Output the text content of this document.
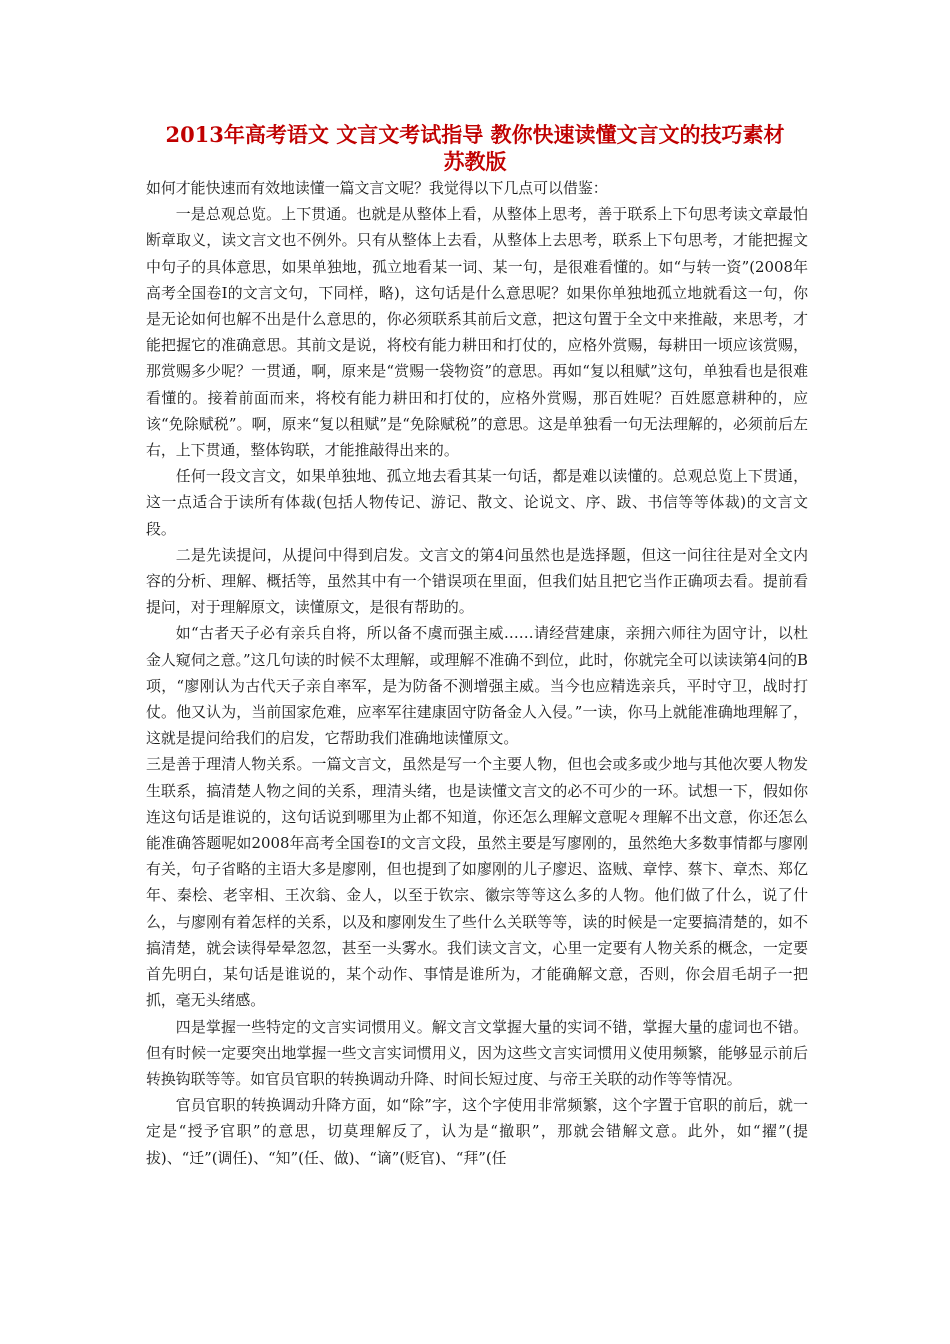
2013年高考语文 文言文考试指导 教你快速读懂文言文的技巧素材
苏教版

如何才能快速而有效地读懂一篇文言文呢？我觉得以下几点可以借鉴：

一是总观总览。上下贯通。也就是从整体上看，从整体上思考，善于联系上下句思考读文章最怕断章取义，读文言文也不例外。只有从整体上去看，从整体上去思考，联系上下句思考，才能把握文中句子的具体意思，如果单独地，孤立地看某一词、某一句，是很难看懂的。如“与转一资”(2008年高考全国卷Ⅰ的文言文句，下同样，略)，这句话是什么意思呢？如果你单独地孤立地就看这一句，你是无论如何也解不出是什么意思的，你必须联系其前后文意，把这句置于全文中来推敲，来思考，才能把握它的准确意思。其前文是说，将校有能力耕田和打仗的，应格外赏赐，每耕田一顷应该赏赐，那赏赐多少呢？一贯通，啊，原来是“赏赐一袋物资”的意思。再如“复以租赋”这句，单独看也是很难看懂的。接着前面而来，将校有能力耕田和打仗的，应格外赏赐，那百姓呢？百姓愿意耕种的，应该“免除赋税”。啊，原来“复以租赋”是“免除赋税”的意思。这是单独看一句无法理解的，必须前后左右，上下贯通，整体钩联，才能推敲得出来的。

任何一段文言文，如果单独地、孤立地去看其某一句话，都是难以读懂的。总观总览上下贯通，这一点适合于读所有体裁(包括人物传记、游记、散文、论说文、序、跋、书信等等体裁)的文言文段。

二是先读提问，从提问中得到启发。文言文的第4问虽然也是选择题，但这一问往往是对全文内容的分析、理解、概括等，虽然其中有一个错误项在里面，但我们姑且把它当作正确项去看。提前看提问，对于理解原文，读懂原文，是很有帮助的。

如“古者天子必有亲兵自将，所以备不虞而强主威……请经营建康，亲拥六师往为固守计，以杜金人窥伺之意。”这几句读的时候不太理解，或理解不准确不到位，此时，你就完全可以读读第4问的B项，“廖刚认为古代天子亲自率军，是为防备不测增强主威。当今也应精选亲兵，平时守卫，战时打仗。他又认为，当前国家危难，应率军往建康固守防备金人入侵。”一读，你马上就能准确地理解了，这就是提问给我们的启发，它帮助我们准确地读懂原文。

三是善于理清人物关系。一篇文言文，虽然是写一个主要人物，但也会或多或少地与其他次要人物发生联系，搞清楚人物之间的关系，理清头绪，也是读懂文言文的必不可少的一环。试想一下，假如你连这句话是谁说的，这句话说到哪里为止都不知道，你还怎么理解文意呢々理解不出文意，你还怎么能准确答题呢如2008年高考全国卷Ⅰ的文言文段，虽然主要是写廖刚的，虽然绝大多数事情都与廖刚有关，句子省略的主语大多是廖刚，但也提到了如廖刚的儿子廖迟、盗贼、章悖、蔡卞、章杰、郑亿年、秦桧、老宰相、王次翁、金人，以至于钦宗、徽宗等等这么多的人物。他们做了什么，说了什么，与廖刚有着怎样的关系，以及和廖刚发生了些什么关联等等，读的时候是一定要搞清楚的，如不搞清楚，就会读得晕晕忽忽，甚至一头雾水。我们读文言文，心里一定要有人物关系的概念，一定要首先明白，某句话是谁说的，某个动作、事情是谁所为，才能确解文意，否则，你会眉毛胡子一把抓，毫无头绪感。

四是掌握一些特定的文言实词惯用义。解文言文掌握大量的实词不错，掌握大量的虚词也不错。但有时候一定要突出地掌握一些文言实词惯用义，因为这些文言实词惯用义使用频繁，能够显示前后转换钩联等等。如官员官职的转换调动升降、时间长短过度、与帝王关联的动作等等情况。

官员官职的转换调动升降方面，如“除”字，这个字使用非常频繁，这个字置于官职的前后，就一定是“授予官职”的意思，切莫理解反了，认为是“撤职”，那就会错解文意。此外，如“擢”(提拔)、“迁”(调任)、“知”(任、做)、“谪”(贬官)、“拜”(任
